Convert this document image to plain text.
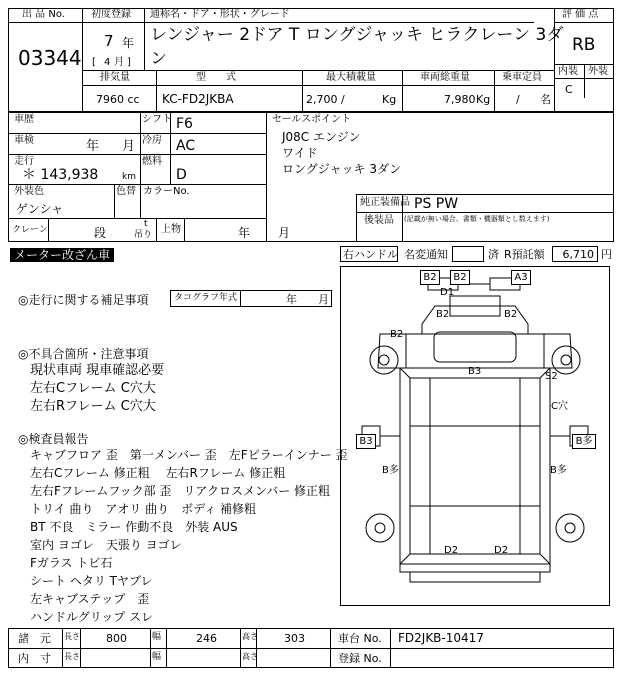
出 品 No.
03344
初度登録
7 年
[ 4 月 ]
通称名・ドア・形状・グレード
レンジャー 2ドア T ロングジャッキ ヒラクレーン 3ダ
ン
評 価 点
RB
内装 外装
C
排気量	型　　式	最大積載量	車両総重量	乗車定員
7960 cc KC-FD2JKBA	2,700 /	Kg	7,980 Kg / 名
車歴	シフト F6
車検	年 月 冷房 AC
走行
＊ 143,938	km
燃料
D
外装色
ゲンシャ
色替 カラーNo.
クレーン	段
t
吊り 上物	年 月
セールスポイント
J08C エンジン
ワイド
ロングジャッキ 3ダン
純正装備品 PS PW
後装品 (記載が無い場合、書類・機器類とし数えます)
メーター改ざん車	右ハンドル 名変通知	済 R預託額	6,710 円
◎走行に関する補足事項	タコグラフ年式	年 月
◎不具合箇所・注意事項
現状車両 現車確認必要
左右Cフレーム C穴大
左右Rフレーム C穴大
◎検査員報告
キャブフロア 歪　第一メンバー 歪　左Fピラーインナー 歪
左右Cフレーム 修正粗　 左右Rフレーム 修正粗
左右Fフレームフック部 歪　リアクロスメンバー 修正粗
トリイ 曲り　アオリ 曲り　ボディ 補修粗
BT 不良　ミラー 作動不良　外装 AUS
室内 ヨゴレ　天張り ヨゴレ
Fガラス トビ石
シート ヘタリ Tヤブレ
左キャブステップ　歪
ハンドルグリップ スレ
B2	B2	A3
D1
B2	B2
B2
B3	S2
C穴
B3	B多
B多	B多
D2	D2
諸　元 長さ 800	幅	246	高さ 303	車台 No. FD2JKB-10417
内　寸 長さ	幅	高さ	登録 No.
